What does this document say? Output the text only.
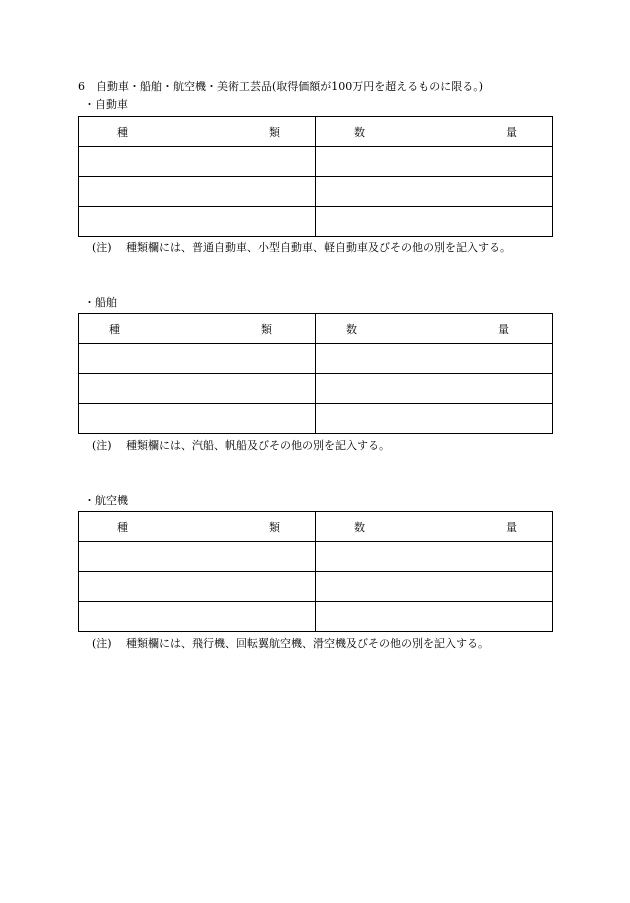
6 自動車・船舶・航空機・美術工芸品(取得価額が100万円を超えるものに限る。)
・自動車
種 類	数 量

(注) 種類欄には、普通自動車、小型自動車、軽自動車及びその他の別を記入する。
・船舶
種 類	数 量

(注) 種類欄には、汽船、帆船及びその他の別を記入する。
・航空機
種 類	数 量

(注) 種類欄には、飛行機、回転翼航空機、滑空機及びその他の別を記入する。
